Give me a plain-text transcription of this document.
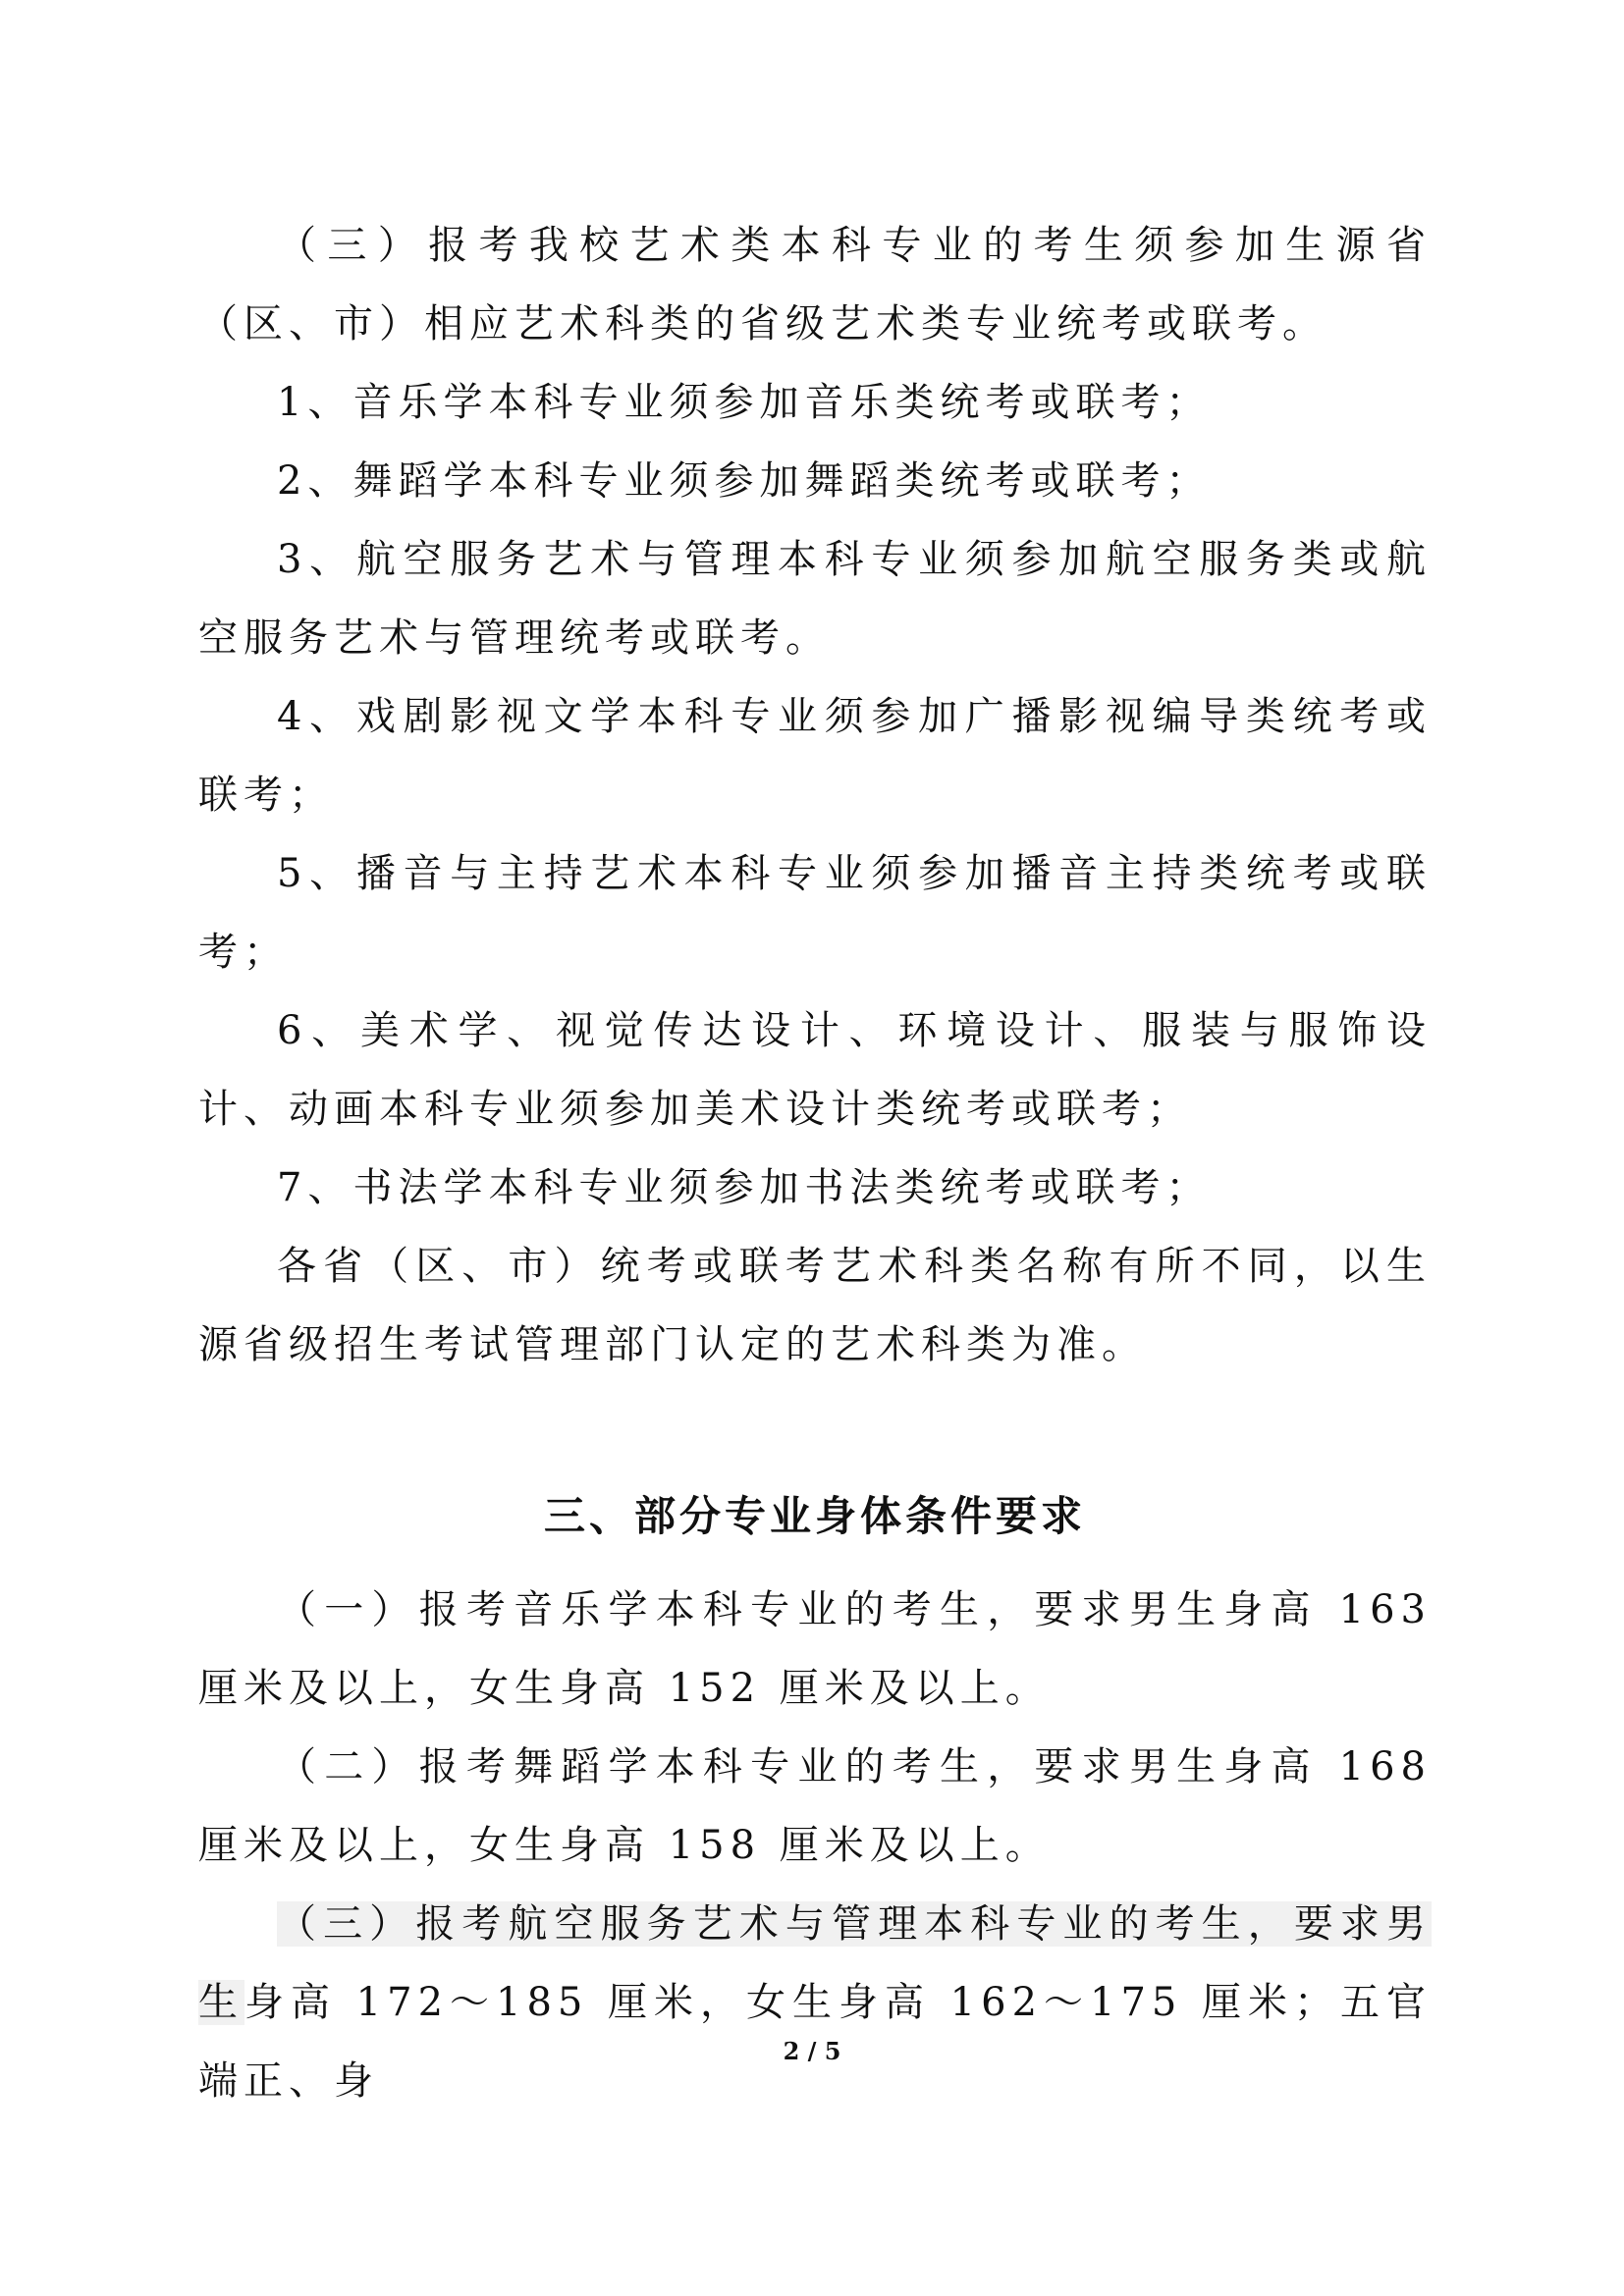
（三）报考我校艺术类本科专业的考生须参加生源省（区、市）相应艺术科类的省级艺术类专业统考或联考。

1、音乐学本科专业须参加音乐类统考或联考；

2、舞蹈学本科专业须参加舞蹈类统考或联考；

3、航空服务艺术与管理本科专业须参加航空服务类或航空服务艺术与管理统考或联考。

4、戏剧影视文学本科专业须参加广播影视编导类统考或联考；

5、播音与主持艺术本科专业须参加播音主持类统考或联考；

6、美术学、视觉传达设计、环境设计、服装与服饰设计、动画本科专业须参加美术设计类统考或联考；

7、书法学本科专业须参加书法类统考或联考；

各省（区、市）统考或联考艺术科类名称有所不同，以生源省级招生考试管理部门认定的艺术科类为准。

三、部分专业身体条件要求

（一）报考音乐学本科专业的考生，要求男生身高 163 厘米及以上，女生身高 152 厘米及以上。

（二）报考舞蹈学本科专业的考生，要求男生身高 168 厘米及以上，女生身高 158 厘米及以上。

（三）报考航空服务艺术与管理本科专业的考生，要求男生身高 172～185 厘米，女生身高 162～175 厘米；五官端正、身

2 / 5
